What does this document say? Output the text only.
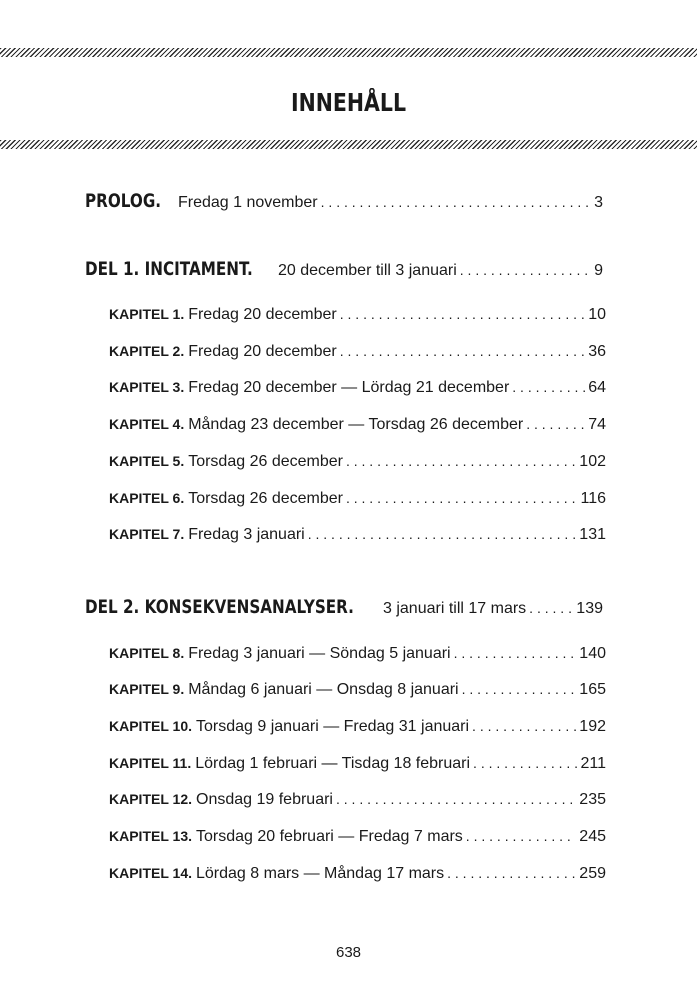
INNEHÅLL
PROLOG.	Fredag 1 november . . .	3
DEL 1. INCITAMENT.	20 december till 3 januari . . .	9
KAPITEL 1. Fredag 20 december . . .	10
KAPITEL 2. Fredag 20 december . . .	36
KAPITEL 3. Fredag 20 december — Lördag 21 december . . .	64
KAPITEL 4. Måndag 23 december — Torsdag 26 december . . .	74
KAPITEL 5. Torsdag 26 december . . .	102
KAPITEL 6. Torsdag 26 december . . .	116
KAPITEL 7. Fredag 3 januari . . .	131
DEL 2. KONSEKVENSANALYSER.	3 januari till 17 mars . . .	139
KAPITEL 8. Fredag 3 januari — Söndag 5 januari . . .	140
KAPITEL 9. Måndag 6 januari — Onsdag 8 januari . . .	165
KAPITEL 10. Torsdag 9 januari — Fredag 31 januari . . .	192
KAPITEL 11. Lördag 1 februari — Tisdag 18 februari . . .	211
KAPITEL 12. Onsdag 19 februari . . .	235
KAPITEL 13. Torsdag 20 februari — Fredag 7 mars . . .	245
KAPITEL 14. Lördag 8 mars — Måndag 17 mars . . .	259
638
